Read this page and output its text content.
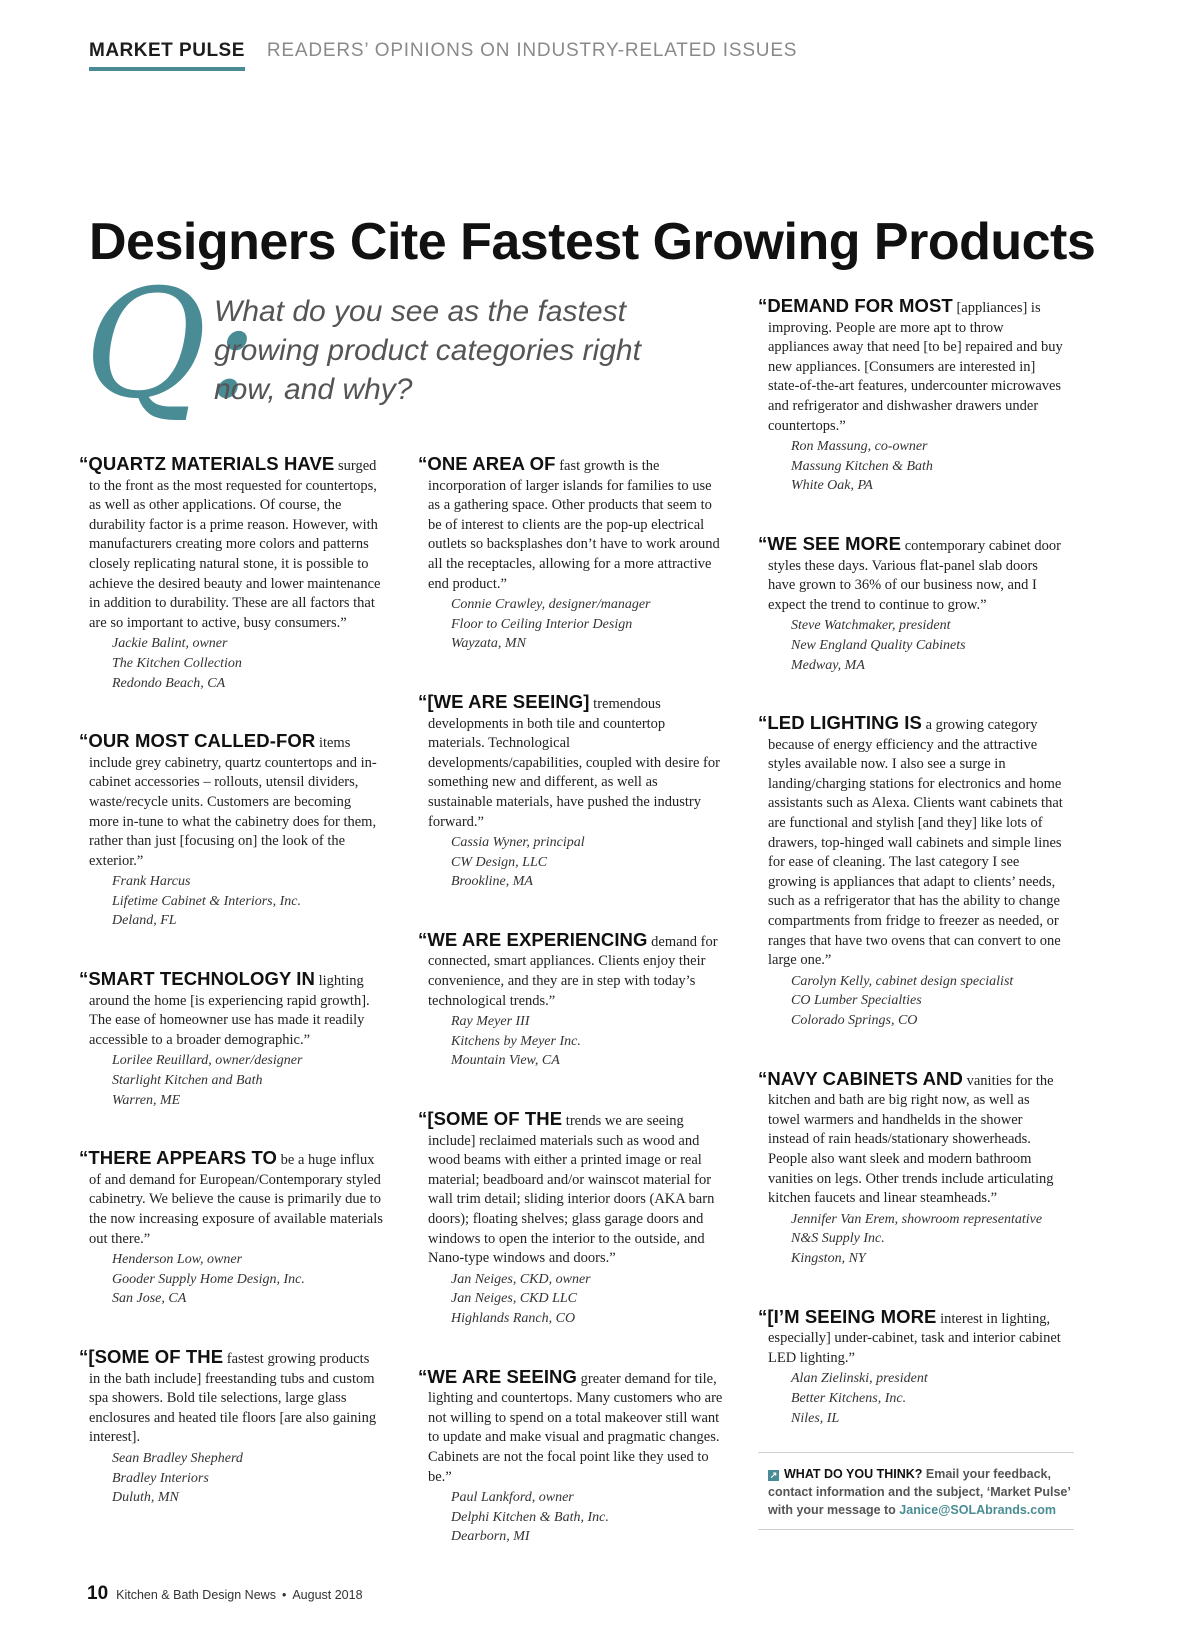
MARKET PULSE READERS’ OPINIONS ON INDUSTRY-RELATED ISSUES
Designers Cite Fastest Growing Products
Q:
What do you see as the fastest growing product categories right now, and why?

“QUARTZ MATERIALS HAVE surged to the front as the most requested for countertops, as well as other applications. Of course, the durability factor is a prime reason. However, with manufacturers creating more colors and patterns closely replicating natural stone, it is possible to achieve the desired beauty and lower maintenance in addition to durability. These are all factors that are so important to active, busy consumers.”

Jackie Balint, owner
The Kitchen Collection
Redondo Beach, CA

“OUR MOST CALLED-FOR items include grey cabinetry, quartz countertops and in-cabinet accessories – rollouts, utensil dividers, waste/recycle units. Customers are becoming more in-tune to what the cabinetry does for them, rather than just [focusing on] the look of the exterior.”

Frank Harcus
Lifetime Cabinet & Interiors, Inc.
Deland, FL

“SMART TECHNOLOGY IN lighting around the home [is experiencing rapid growth]. The ease of homeowner use has made it readily accessible to a broader demographic.”

Lorilee Reuillard, owner/designer
Starlight Kitchen and Bath
Warren, ME

“THERE APPEARS TO be a huge influx of and demand for European/Contemporary styled cabinetry. We believe the cause is primarily due to the now increasing exposure of available materials out there.”

Henderson Low, owner
Gooder Supply Home Design, Inc.
San Jose, CA

“[SOME OF THE fastest growing products in the bath include] freestanding tubs and custom spa showers. Bold tile selections, large glass enclosures and heated tile floors [are also gaining interest].

Sean Bradley Shepherd
Bradley Interiors
Duluth, MN

“ONE AREA OF fast growth is the incorporation of larger islands for families to use as a gathering space. Other products that seem to be of interest to clients are the pop-up electrical outlets so backsplashes don’t have to work around all the receptacles, allowing for a more attractive end product.”

Connie Crawley, designer/manager
Floor to Ceiling Interior Design
Wayzata, MN

“[WE ARE SEEING] tremendous developments in both tile and countertop materials. Technological developments/capabilities, coupled with desire for something new and different, as well as sustainable materials, have pushed the industry forward.”

Cassia Wyner, principal
CW Design, LLC
Brookline, MA

“WE ARE EXPERIENCING demand for connected, smart appliances. Clients enjoy their convenience, and they are in step with today’s technological trends.”

Ray Meyer III
Kitchens by Meyer Inc.
Mountain View, CA

“[SOME OF THE trends we are seeing include] reclaimed materials such as wood and wood beams with either a printed image or real material; beadboard and/or wainscot material for wall trim detail; sliding interior doors (AKA barn doors); floating shelves; glass garage doors and windows to open the interior to the outside, and Nano-type windows and doors.”

Jan Neiges, CKD, owner
Jan Neiges, CKD LLC
Highlands Ranch, CO

“WE ARE SEEING greater demand for tile, lighting and countertops. Many customers who are not willing to spend on a total makeover still want to update and make visual and pragmatic changes. Cabinets are not the focal point like they used to be.”

Paul Lankford, owner
Delphi Kitchen & Bath, Inc.
Dearborn, MI

“DEMAND FOR MOST [appliances] is improving. People are more apt to throw appliances away that need [to be] repaired and buy new appliances. [Consumers are interested in] state-of-the-art features, undercounter microwaves and refrigerator and dishwasher drawers under countertops.”

Ron Massung, co-owner
Massung Kitchen & Bath
White Oak, PA

“WE SEE MORE contemporary cabinet door styles these days. Various flat-panel slab doors have grown to 36% of our business now, and I expect the trend to continue to grow.”

Steve Watchmaker, president
New England Quality Cabinets
Medway, MA

“LED LIGHTING IS a growing category because of energy efficiency and the attractive styles available now. I also see a surge in landing/charging stations for electronics and home assistants such as Alexa. Clients want cabinets that are functional and stylish [and they] like lots of drawers, top-hinged wall cabinets and simple lines for ease of cleaning. The last category I see growing is appliances that adapt to clients’ needs, such as a refrigerator that has the ability to change compartments from fridge to freezer as needed, or ranges that have two ovens that can convert to one large one.”

Carolyn Kelly, cabinet design specialist
CO Lumber Specialties
Colorado Springs, CO

“NAVY CABINETS AND vanities for the kitchen and bath are big right now, as well as towel warmers and handhelds in the shower instead of rain heads/stationary showerheads. People also want sleek and modern bathroom vanities on legs. Other trends include articulating kitchen faucets and linear steamheads.”

Jennifer Van Erem, showroom representative
N&S Supply Inc.
Kingston, NY

“[I’M SEEING MORE interest in lighting, especially] under-cabinet, task and interior cabinet LED lighting.”

Alan Zielinski, president
Better Kitchens, Inc.
Niles, IL
↗ WHAT DO YOU THINK? Email your feedback, contact information and the subject, ‘Market Pulse’ with your message to Janice@SOLAbrands.com
10 Kitchen & Bath Design News • August 2018
